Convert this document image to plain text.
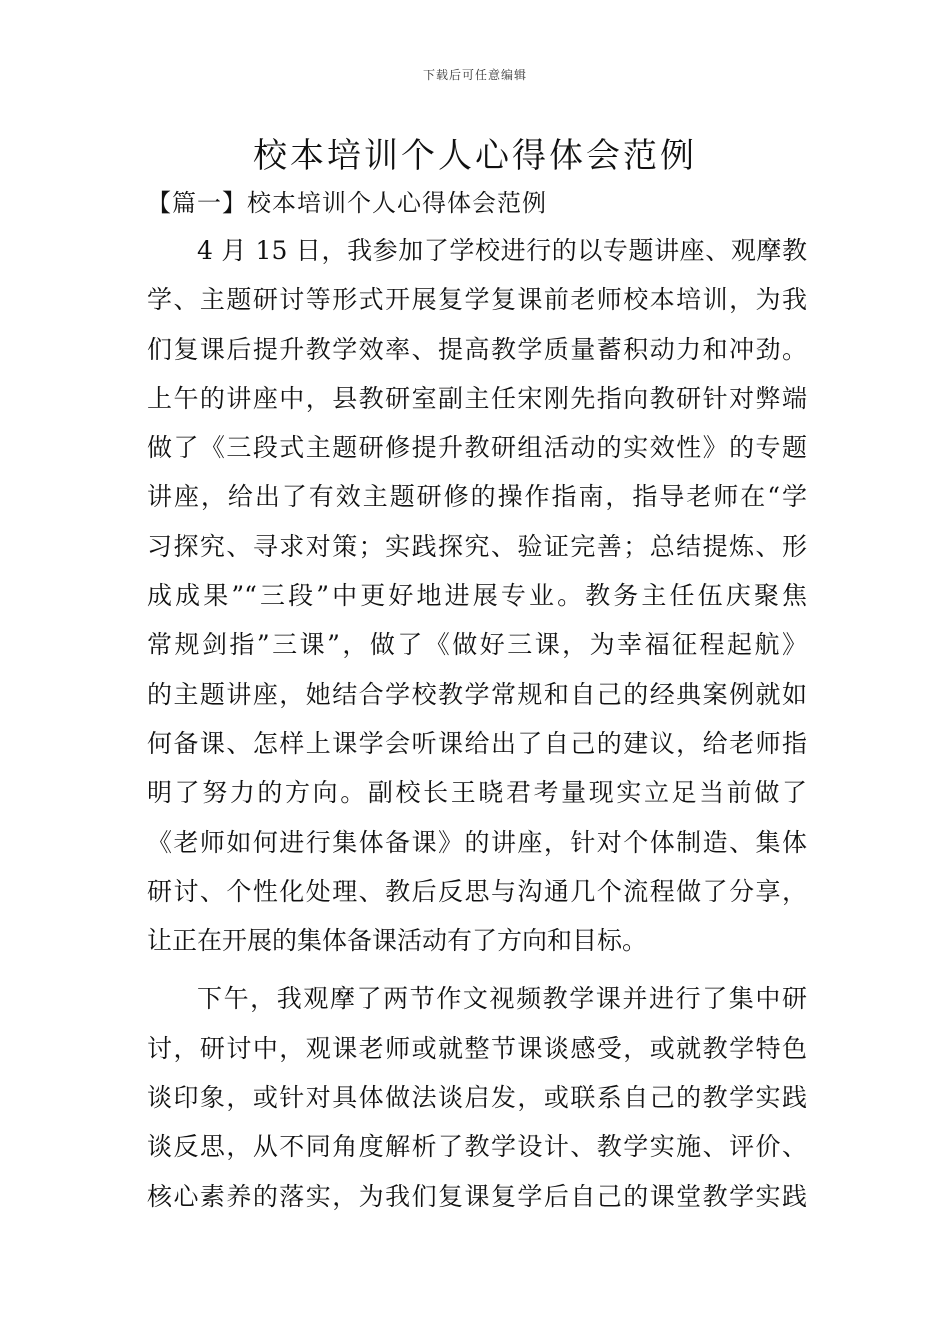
下载后可任意编辑
校本培训个人心得体会范例
【篇一】校本培训个人心得体会范例
4 月 15 日，我参加了学校进行的以专题讲座、观摩教
学、主题研讨等形式开展复学复课前老师校本培训，为我
们复课后提升教学效率、提高教学质量蓄积动力和冲劲。
上午的讲座中，县教研室副主任宋刚先指向教研针对弊端
做了《三段式主题研修提升教研组活动的实效性》的专题
讲座，给出了有效主题研修的操作指南，指导老师在“学
习探究、寻求对策；实践探究、验证完善；总结提炼、形
成成果”“三段”中更好地进展专业。教务主任伍庆聚焦
常规剑指”三课”，做了《做好三课，为幸福征程起航》
的主题讲座，她结合学校教学常规和自己的经典案例就如
何备课、怎样上课学会听课给出了自己的建议，给老师指
明了努力的方向。副校长王晓君考量现实立足当前做了
《老师如何进行集体备课》的讲座，针对个体制造、集体
研讨、个性化处理、教后反思与沟通几个流程做了分享，
让正在开展的集体备课活动有了方向和目标。
下午，我观摩了两节作文视频教学课并进行了集中研
讨，研讨中，观课老师或就整节课谈感受，或就教学特色
谈印象，或针对具体做法谈启发，或联系自己的教学实践
谈反思，从不同角度解析了教学设计、教学实施、评价、
核心素养的落实，为我们复课复学后自己的课堂教学实践
